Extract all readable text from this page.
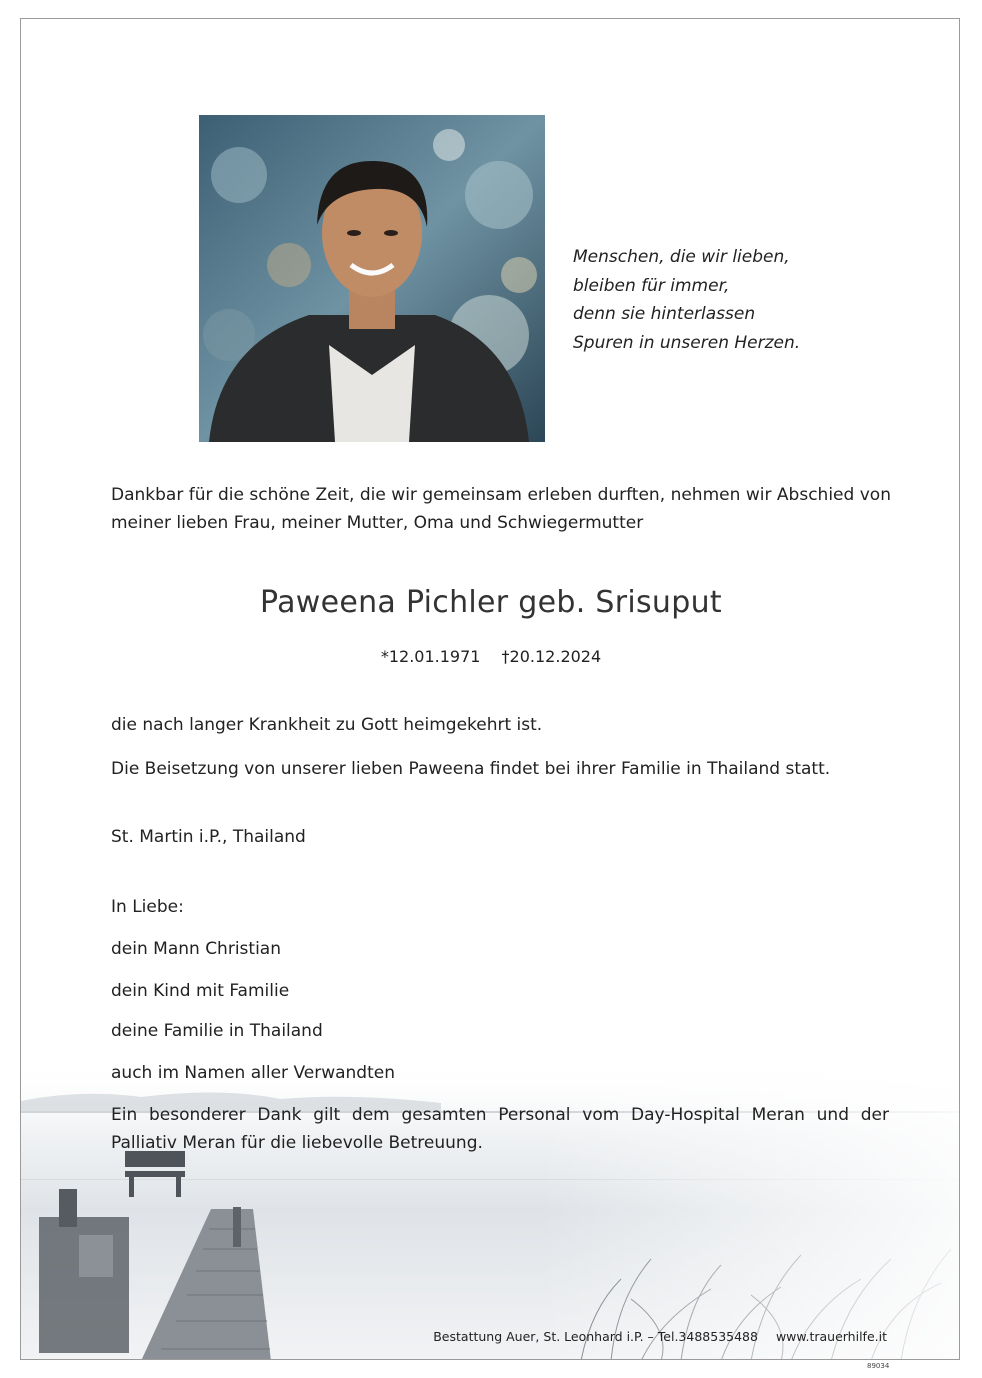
Menschen, die wir lieben,
bleiben für immer,
denn sie hinterlassen
Spuren in unseren Herzen.
Dankbar für die schöne Zeit, die wir gemeinsam erleben durften, nehmen wir Abschied von meiner lieben Frau, meiner Mutter, Oma und Schwiegermutter
Paweena Pichler geb. Srisuput
*12.01.1971 †20.12.2024
die nach langer Krankheit zu Gott heimgekehrt ist.
Die Beisetzung von unserer lieben Paweena findet bei ihrer Familie in Thailand statt.
St. Martin i.P., Thailand
In Liebe:
dein Mann Christian
dein Kind mit Familie
deine Familie in Thailand
auch im Namen aller Verwandten
Ein besonderer Dank gilt dem gesamten Personal vom Day-Hospital Meran und der Palliativ Meran für die liebevolle Betreuung.
Bestattung Auer, St. Leonhard i.P. – Tel.3488535488 www.trauerhilfe.it
89034
